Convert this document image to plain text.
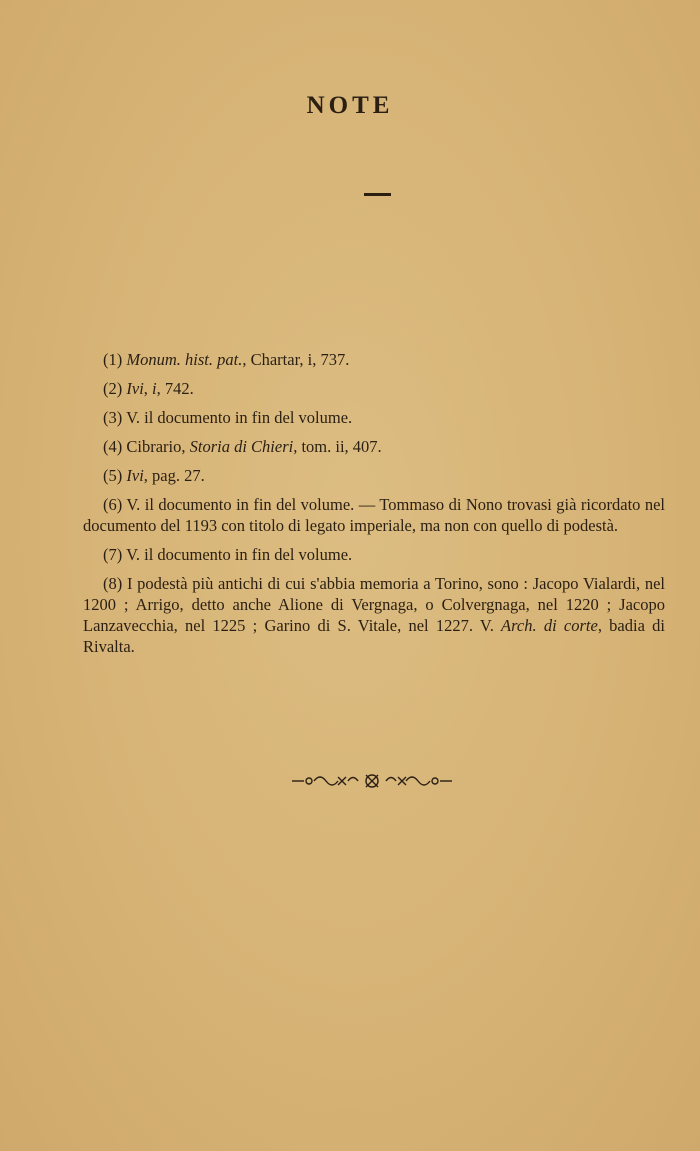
NOTE

(1) Monum. hist. pat., Chartar, i, 737.

(2) Ivi, i, 742.

(3) V. il documento in fin del volume.

(4) Cibrario, Storia di Chieri, tom. ii, 407.

(5) Ivi, pag. 27.

(6) V. il documento in fin del volume. — Tommaso di Nono trovasi già ricordato nel documento del 1193 con titolo di legato imperiale, ma non con quello di podestà.

(7) V. il documento in fin del volume.

(8) I podestà più antichi di cui s'abbia memoria a Torino, sono : Jacopo Vialardi, nel 1200 ; Arrigo, detto anche Alione di Vergnaga, o Colvergnaga, nel 1220 ; Jacopo Lanzavecchia, nel 1225 ; Garino di S. Vitale, nel 1227. V. Arch. di corte, badia di Rivalta.
